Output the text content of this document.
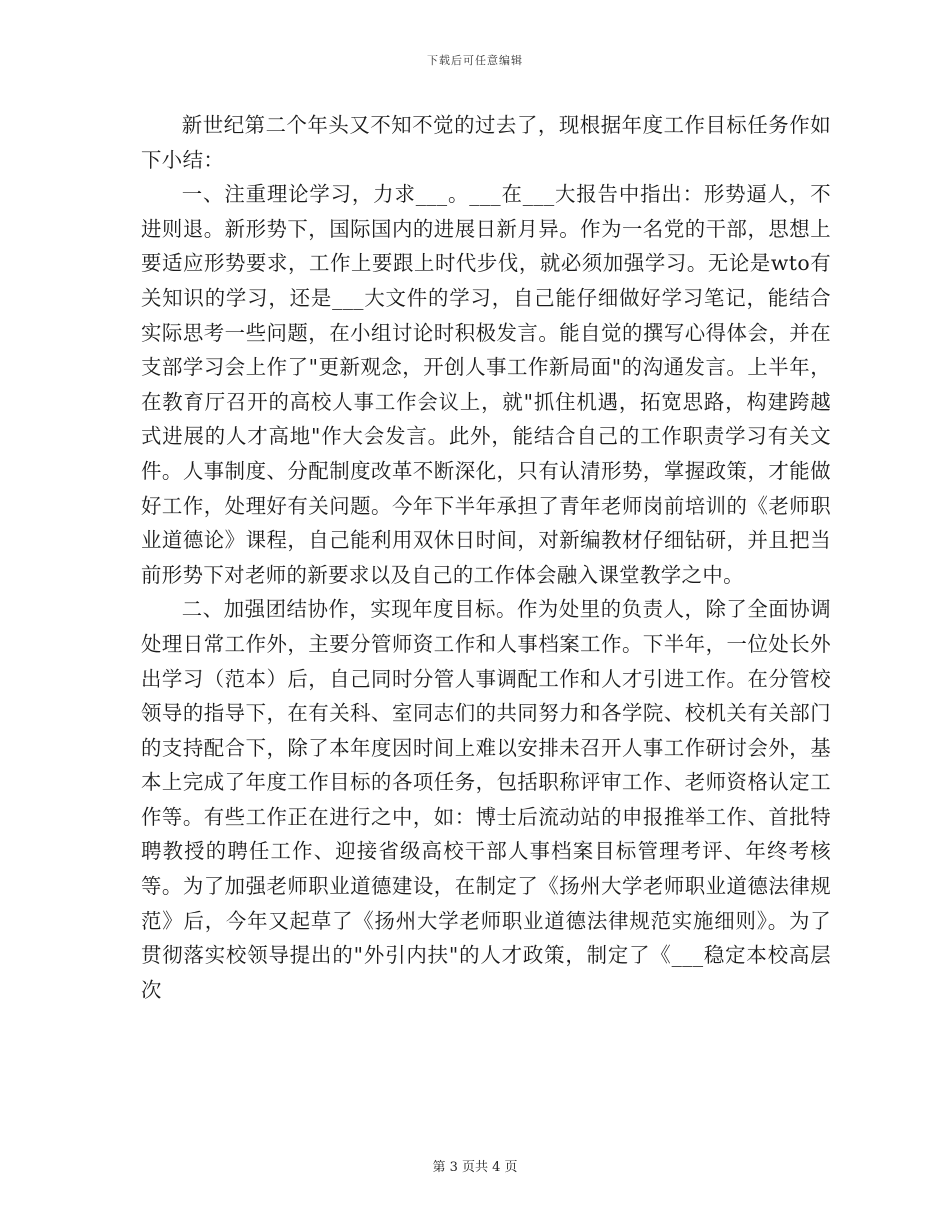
下载后可任意编辑

新世纪第二个年头又不知不觉的过去了，现根据年度工作目标任务作如下小结：

一、注重理论学习，力求___。___在___大报告中指出：形势逼人，不进则退。新形势下，国际国内的进展日新月异。作为一名党的干部，思想上要适应形势要求，工作上要跟上时代步伐，就必须加强学习。无论是wto有关知识的学习，还是___大文件的学习，自己能仔细做好学习笔记，能结合实际思考一些问题，在小组讨论时积极发言。能自觉的撰写心得体会，并在支部学习会上作了"更新观念，开创人事工作新局面"的沟通发言。上半年，在教育厅召开的高校人事工作会议上，就"抓住机遇，拓宽思路，构建跨越式进展的人才高地"作大会发言。此外，能结合自己的工作职责学习有关文件。人事制度、分配制度改革不断深化，只有认清形势，掌握政策，才能做好工作，处理好有关问题。今年下半年承担了青年老师岗前培训的《老师职业道德论》课程，自己能利用双休日时间，对新编教材仔细钻研，并且把当前形势下对老师的新要求以及自己的工作体会融入课堂教学之中。

二、加强团结协作，实现年度目标。作为处里的负责人，除了全面协调处理日常工作外，主要分管师资工作和人事档案工作。下半年，一位处长外出学习（范本）后，自己同时分管人事调配工作和人才引进工作。在分管校领导的指导下，在有关科、室同志们的共同努力和各学院、校机关有关部门的支持配合下，除了本年度因时间上难以安排未召开人事工作研讨会外，基本上完成了年度工作目标的各项任务，包括职称评审工作、老师资格认定工作等。有些工作正在进行之中，如：博士后流动站的申报推举工作、首批特聘教授的聘任工作、迎接省级高校干部人事档案目标管理考评、年终考核等。为了加强老师职业道德建设，在制定了《扬州大学老师职业道德法律规范》后，今年又起草了《扬州大学老师职业道德法律规范实施细则》。为了贯彻落实校领导提出的"外引内扶"的人才政策，制定了《___稳定本校高层次

第 3 页共 4 页
